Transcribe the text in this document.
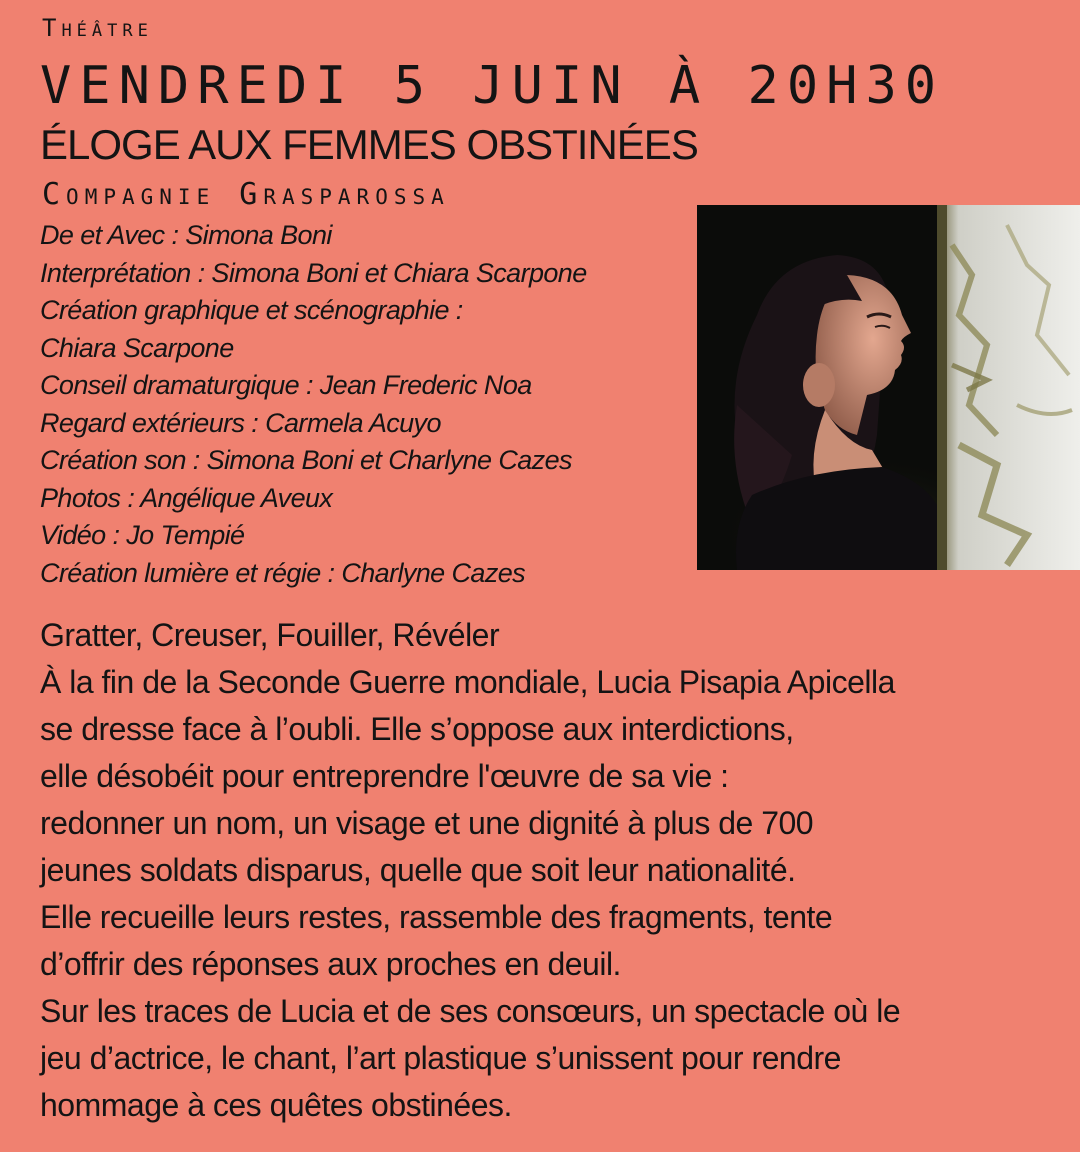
Théâtre
VENDREDI 5 JUIN À 20H30
ÉLOGE AUX FEMMES OBSTINÉES
Compagnie Grasparossa
De et Avec : Simona Boni
Interprétation : Simona Boni et Chiara Scarpone
Création graphique et scénographie :
Chiara Scarpone
Conseil dramaturgique : Jean Frederic Noa
Regard extérieurs : Carmela Acuyo
Création son : Simona Boni et Charlyne Cazes
Photos : Angélique Aveux
Vidéo : Jo Tempié
Création lumière et régie : Charlyne Cazes
Gratter, Creuser, Fouiller, Révéler
À la fin de la Seconde Guerre mondiale, Lucia Pisapia Apicella
se dresse face à l’oubli. Elle s’oppose aux interdictions,
elle désobéit pour entreprendre l'œuvre de sa vie :
redonner un nom, un visage et une dignité à plus de 700
jeunes soldats disparus, quelle que soit leur nationalité.
Elle recueille leurs restes, rassemble des fragments, tente
d’offrir des réponses aux proches en deuil.
Sur les traces de Lucia et de ses consœurs, un spectacle où le
jeu d’actrice, le chant, l’art plastique s’unissent pour rendre
hommage à ces quêtes obstinées.
